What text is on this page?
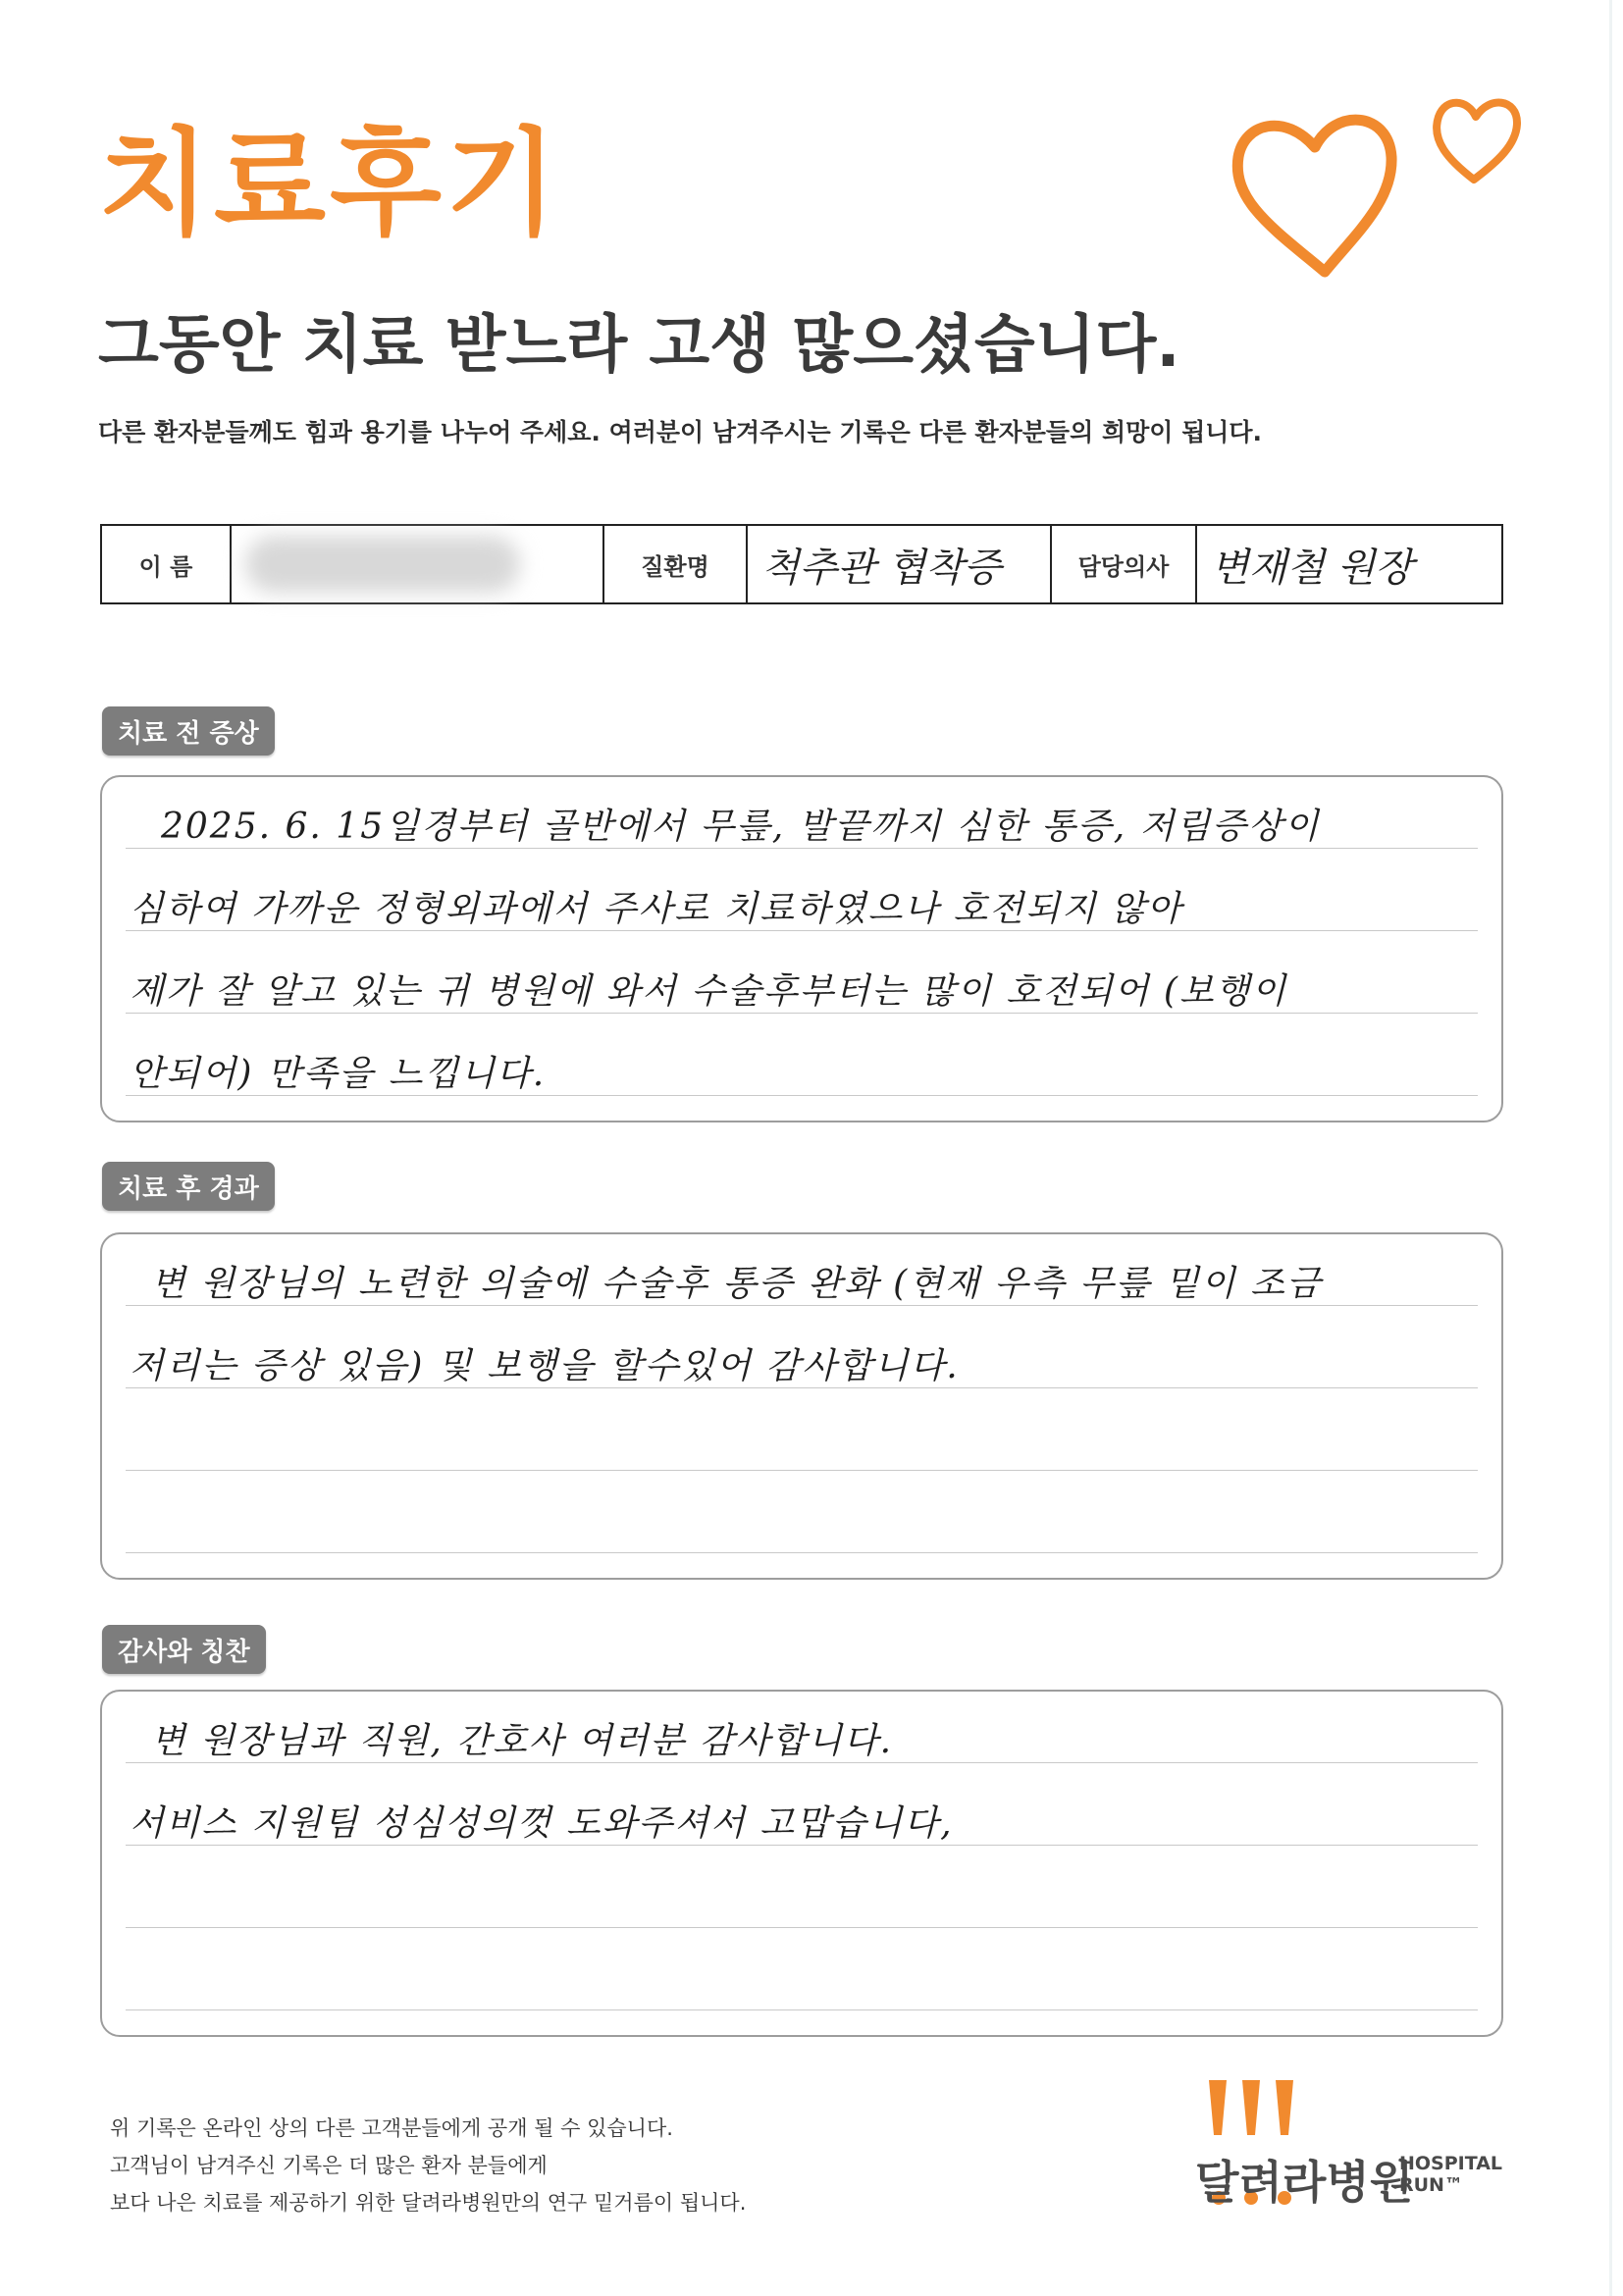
치료후기
그동안 치료 받느라 고생 많으셨습니다.
다른 환자분들께도 힘과 용기를 나누어 주세요. 여러분이 남겨주시는 기록은 다른 환자분들의 희망이 됩니다.
이 름	질환명	척추관 협착증	담당의사	변재철 원장
치료 전 증상
2025. 6. 15일경부터 골반에서 무릎, 발끝까지 심한 통증, 저림증상이
심하여 가까운 정형외과에서 주사로 치료하였으나 호전되지 않아
제가 잘 알고 있는 귀 병원에 와서 수술후부터는 많이 호전되어 (보행이
안되어) 만족을 느낍니다.
치료 후 경과
변 원장님의 노련한 의술에 수술후 통증 완화 (현재 우측 무릎 밑이 조금
저리는 증상 있음) 및 보행을 할수있어 감사합니다.
감사와 칭찬
변 원장님과 직원, 간호사 여러분 감사합니다.
서비스 지원팀 성심성의껏 도와주셔서 고맙습니다,
위 기록은 온라인 상의 다른 고객분들에게 공개 될 수 있습니다.
고객님이 남겨주신 기록은 더 많은 환자 분들에게
보다 나은 치료를 제공하기 위한 달려라병원만의 연구 밑거름이 됩니다.	달려라병원
HOSPITAL
RUN™
